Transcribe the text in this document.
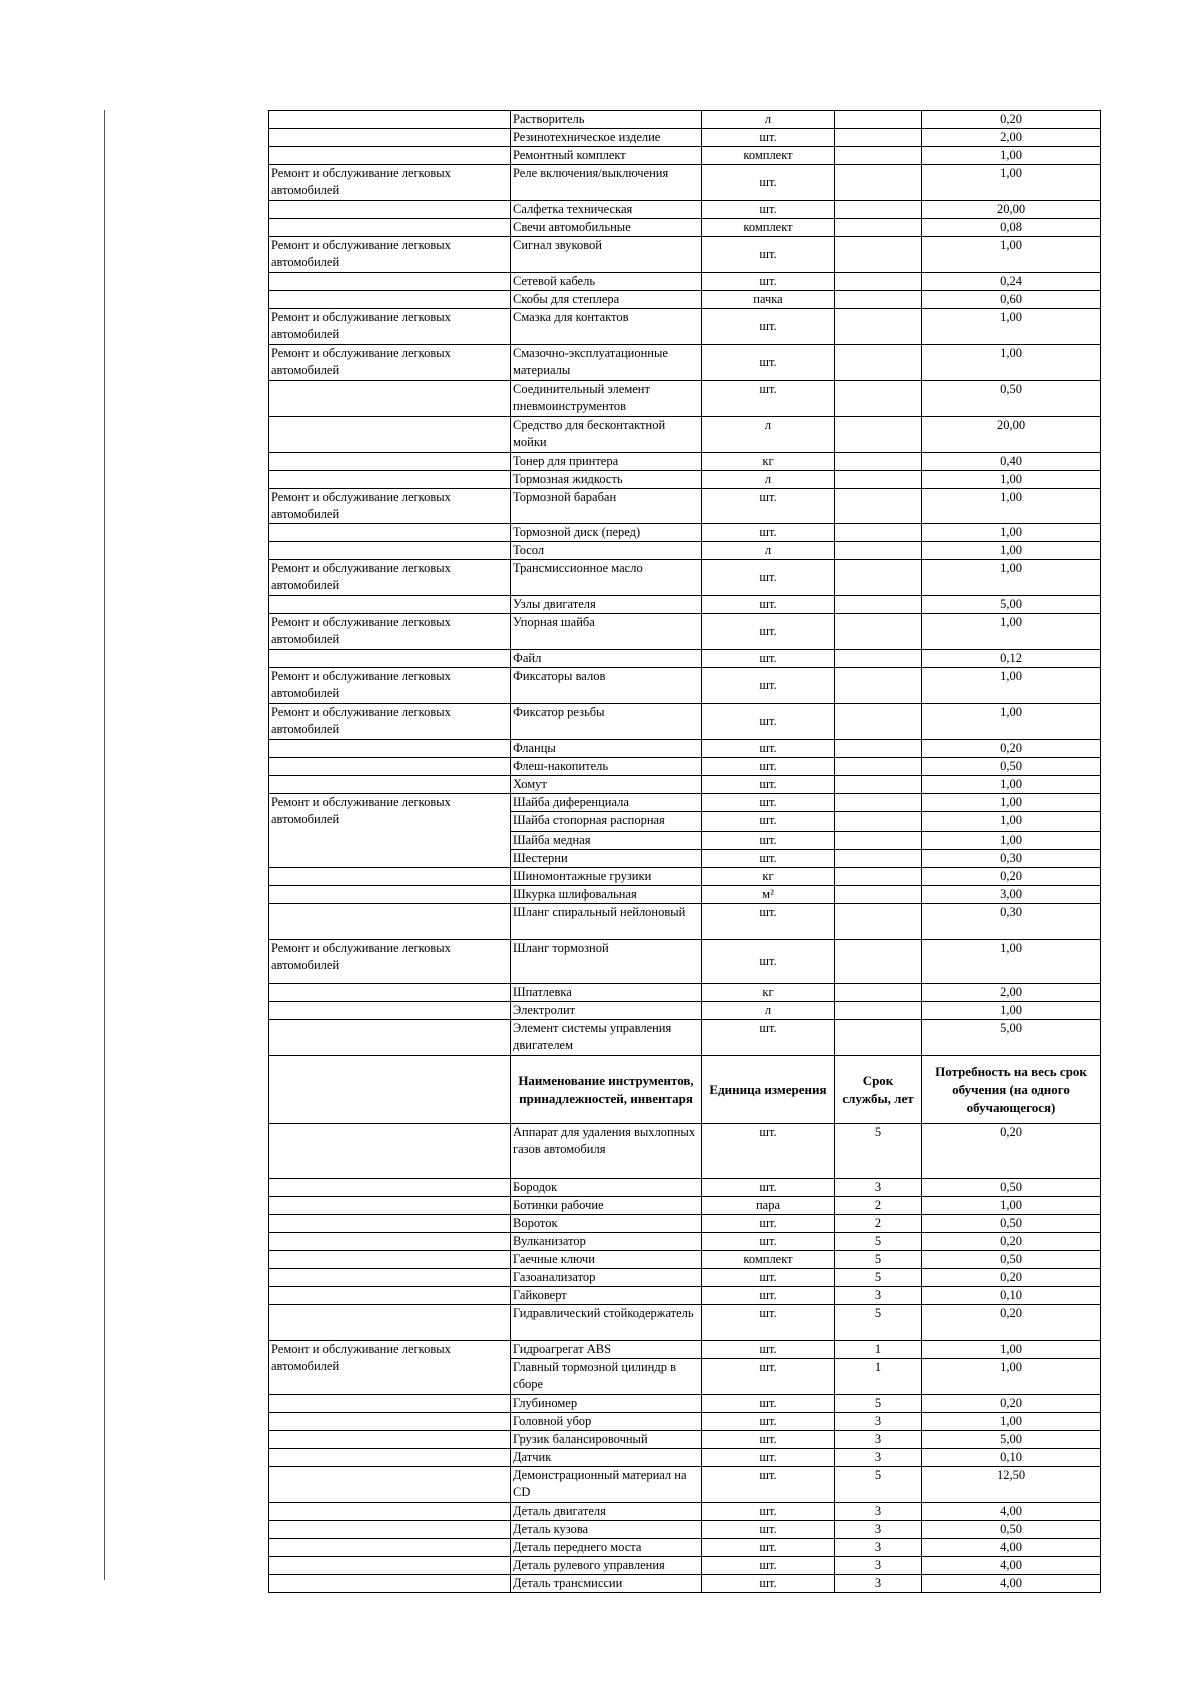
	Растворитель	л		0,20
	Резинотехническое изделие	шт.		2,00
	Ремонтный комплект	комплект		1,00
Ремонт и обслуживание легковых автомобилей	Реле включения/выключения	шт.		1,00
	Салфетка техническая	шт.		20,00
	Свечи автомобильные	комплект		0,08
Ремонт и обслуживание легковых автомобилей	Сигнал звуковой	шт.		1,00
	Сетевой кабель	шт.		0,24
	Скобы для степлера	пачка		0,60
Ремонт и обслуживание легковых автомобилей	Смазка для контактов	шт.		1,00
Ремонт и обслуживание легковых автомобилей	Смазочно-эксплуатационные материалы	шт.		1,00
	Соединительный элемент пневмоинструментов	шт.		0,50
	Средство для бесконтактной мойки	л		20,00
	Тонер для принтера	кг		0,40
	Тормозная жидкость	л		1,00
Ремонт и обслуживание легковых автомобилей	Тормозной барабан	шт.		1,00
	Тормозной диск (перед)	шт.		1,00
	Тосол	л		1,00
Ремонт и обслуживание легковых автомобилей	Трансмиссионное масло	шт.		1,00
	Узлы двигателя	шт.		5,00
Ремонт и обслуживание легковых автомобилей	Упорная шайба	шт.		1,00
	Файл	шт.		0,12
Ремонт и обслуживание легковых автомобилей	Фиксаторы валов	шт.		1,00
Ремонт и обслуживание легковых автомобилей	Фиксатор резьбы	шт.		1,00
	Фланцы	шт.		0,20
	Флеш-накопитель	шт.		0,50
	Хомут	шт.		1,00
Ремонт и обслуживание легковых автомобилей	Шайба диференциала	шт.		1,00
	Шайба стопорная распорная	шт.		1,00
	Шайба медная	шт.		1,00
	Шестерни	шт.		0,30
	Шиномонтажные грузики	кг		0,20
	Шкурка шлифовальная	м²		3,00
	Шланг спиральный нейлоновый	шт.		0,30
Ремонт и обслуживание легковых автомобилей	Шланг тормозной	шт.		1,00
	Шпатлевка	кг		2,00
	Электролит	л		1,00
	Элемент системы управления двигателем	шт.		5,00
	Наименование инструментов, принадлежностей, инвентаря	Единица измерения	Срок службы, лет	Потребность на весь срок обучения (на одного обучающегося)
	Аппарат для удаления выхлопных газов автомобиля	шт.	5	0,20
	Бородок	шт.	3	0,50
	Ботинки рабочие	пара	2	1,00
	Вороток	шт.	2	0,50
	Вулканизатор	шт.	5	0,20
	Гаечные ключи	комплект	5	0,50
	Газоанализатор	шт.	5	0,20
	Гайковерт	шт.	3	0,10
	Гидравлический стойкодержатель	шт.	5	0,20
Ремонт и обслуживание легковых автомобилей	Гидроагрегат ABS	шт.	1	1,00
	Главный тормозной цилиндр в сборе	шт.	1	1,00
	Глубиномер	шт.	5	0,20
	Головной убор	шт.	3	1,00
	Грузик балансировочный	шт.	3	5,00
	Датчик	шт.	3	0,10
	Демонстрационный материал на CD	шт.	5	12,50
	Деталь двигателя	шт.	3	4,00
	Деталь кузова	шт.	3	0,50
	Деталь переднего моста	шт.	3	4,00
	Деталь рулевого управления	шт.	3	4,00
	Деталь трансмиссии	шт.	3	4,00
